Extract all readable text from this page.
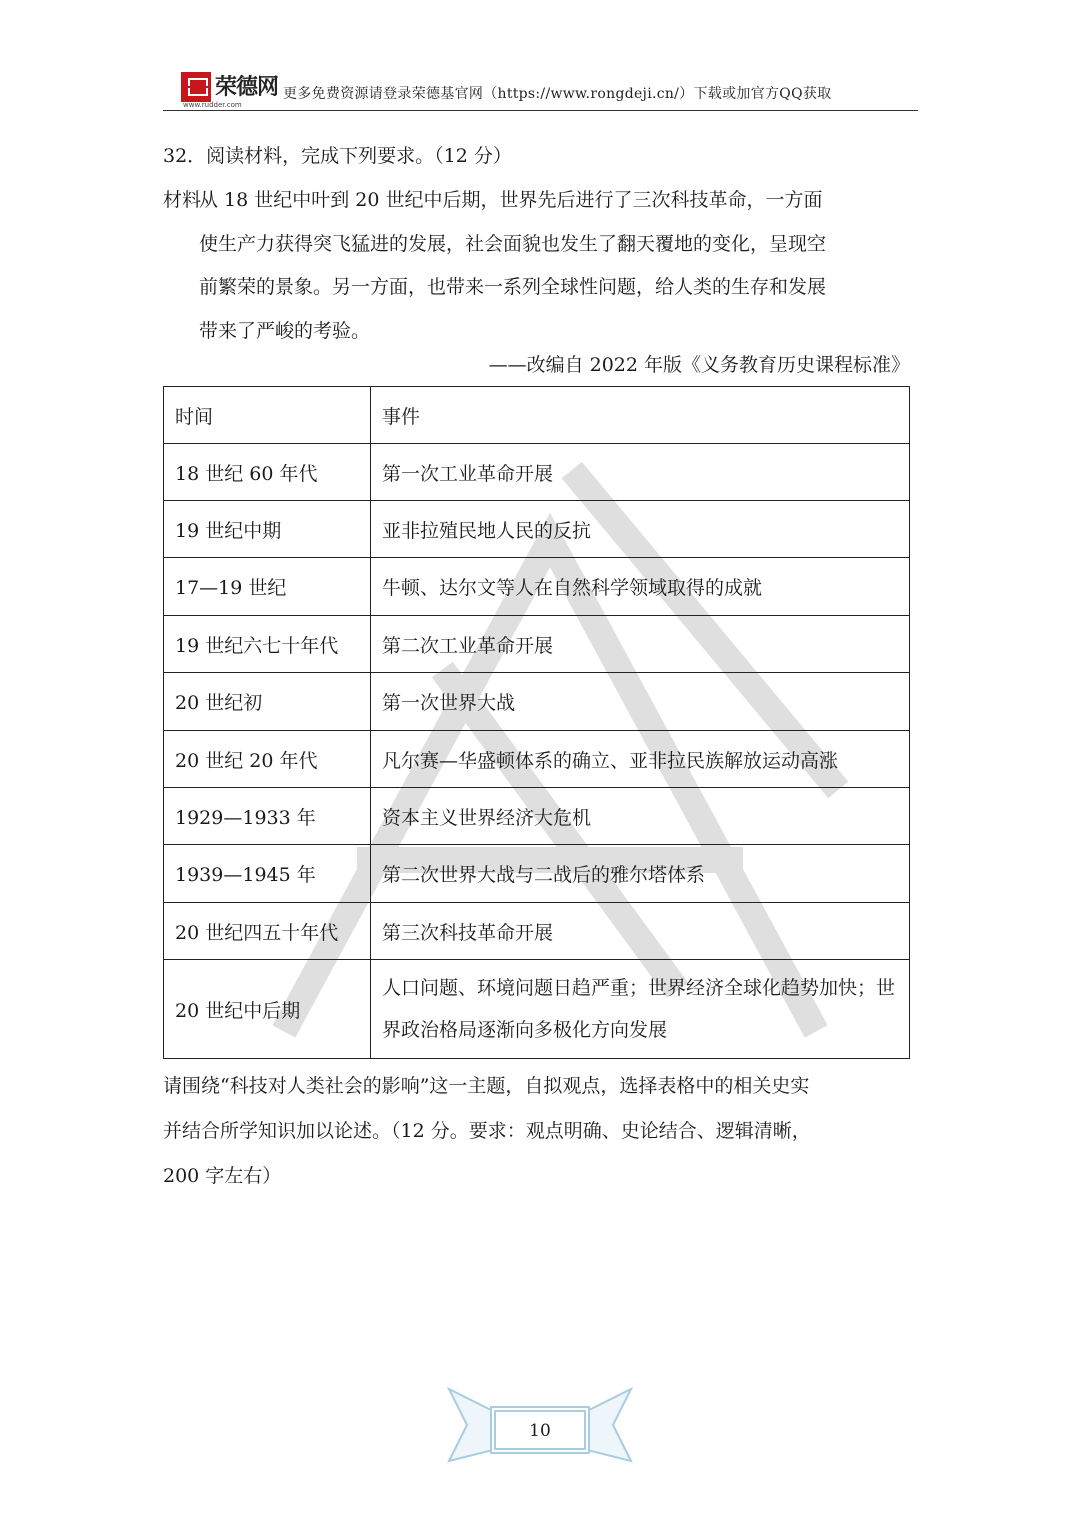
荣德网
www.rudder.com
更多免费资源请登录荣德基官网（https://www.rongdeji.cn/）下载或加官方QQ获取
32．阅读材料，完成下列要求。（12 分）
材料
从 18 世纪中叶到 20 世纪中后期，世界先后进行了三次科技革命，一方面
使生产力获得突飞猛进的发展，社会面貌也发生了翻天覆地的变化，呈现空
前繁荣的景象。另一方面，也带来一系列全球性问题，给人类的生存和发展
带来了严峻的考验。
——改编自 2022 年版《义务教育历史课程标准》
时间	事件
18 世纪 60 年代	第一次工业革命开展
19 世纪中期	亚非拉殖民地人民的反抗
17—19 世纪	牛顿、达尔文等人在自然科学领域取得的成就
19 世纪六七十年代	第二次工业革命开展
20 世纪初	第一次世界大战
20 世纪 20 年代	凡尔赛—华盛顿体系的确立、亚非拉民族解放运动高涨
1929—1933 年	资本主义世界经济大危机
1939—1945 年	第二次世界大战与二战后的雅尔塔体系
20 世纪四五十年代	第三次科技革命开展
20 世纪中后期	人口问题、环境问题日趋严重；世界经济全球化趋势加快；世界政治格局逐渐向多极化方向发展
请围绕“科技对人类社会的影响”这一主题，自拟观点，选择表格中的相关史实
并结合所学知识加以论述。（12 分。要求：观点明确、史论结合、逻辑清晰，
200 字左右）
10
